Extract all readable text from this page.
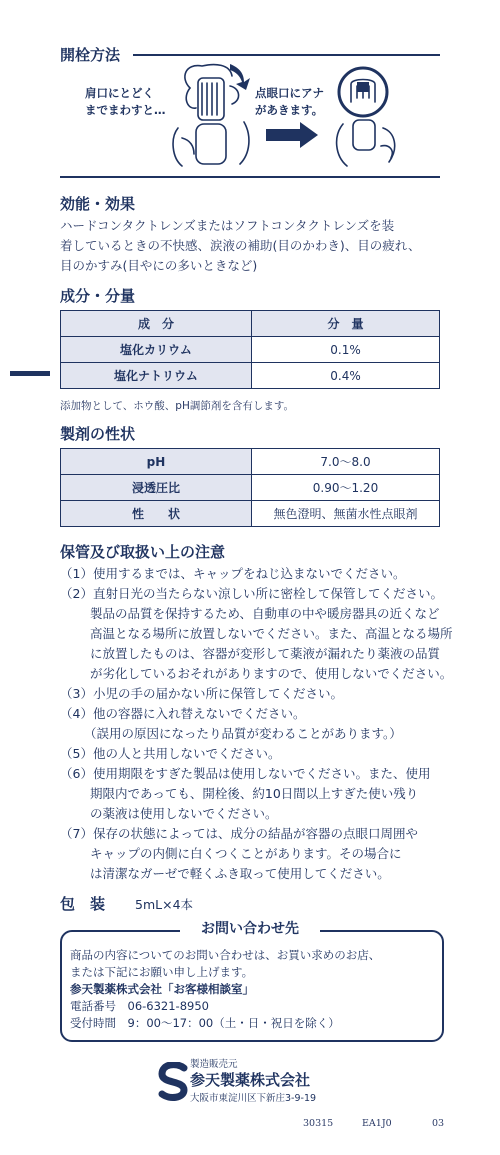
開栓方法
肩口にとどく
までまわすと…
点眼口にアナ
があきます。
効能・効果
ハードコンタクトレンズまたはソフトコンタクトレンズを装
着しているときの不快感、涙液の補助(目のかわき)、目の疲れ、
目のかすみ(目やにの多いときなど)
成分・分量
成　分	分　量
塩化カリウム	0.1%
塩化ナトリウム	0.4%
添加物として、ホウ酸、pH調節剤を含有します。
製剤の性状
pH	7.0～8.0
浸透圧比	0.90～1.20
性　　状	無色澄明、無菌水性点眼剤
保管及び取扱い上の注意
（1）使用するまでは、キャップをねじ込まないでください。
（2）直射日光の当たらない涼しい所に密栓して保管してください。
製品の品質を保持するため、自動車の中や暖房器具の近くなど
高温となる場所に放置しないでください。また、高温となる場所
に放置したものは、容器が変形して薬液が漏れたり薬液の品質
が劣化しているおそれがありますので、使用しないでください。
（3）小児の手の届かない所に保管してください。
（4）他の容器に入れ替えないでください。
（誤用の原因になったり品質が変わることがあります。）
（5）他の人と共用しないでください。
（6）使用期限をすぎた製品は使用しないでください。また、使用
期限内であっても、開栓後、約10日間以上すぎた使い残り
の薬液は使用しないでください。
（7）保存の状態によっては、成分の結晶が容器の点眼口周囲や
キャップの内側に白くつくことがあります。その場合に
は清潔なガーゼで軽くふき取って使用してください。
包　装 5mL×4本
お問い合わせ先
商品の内容についてのお問い合わせは、お買い求めのお店、
または下記にお願い申し上げます。
参天製薬株式会社「お客様相談室」
電話番号　06-6321-8950
受付時間　9：00～17：00（土・日・祝日を除く）
製造販売元
参天製薬株式会社
大阪市東淀川区下新庄3-9-19
30315	EA1J0	03
